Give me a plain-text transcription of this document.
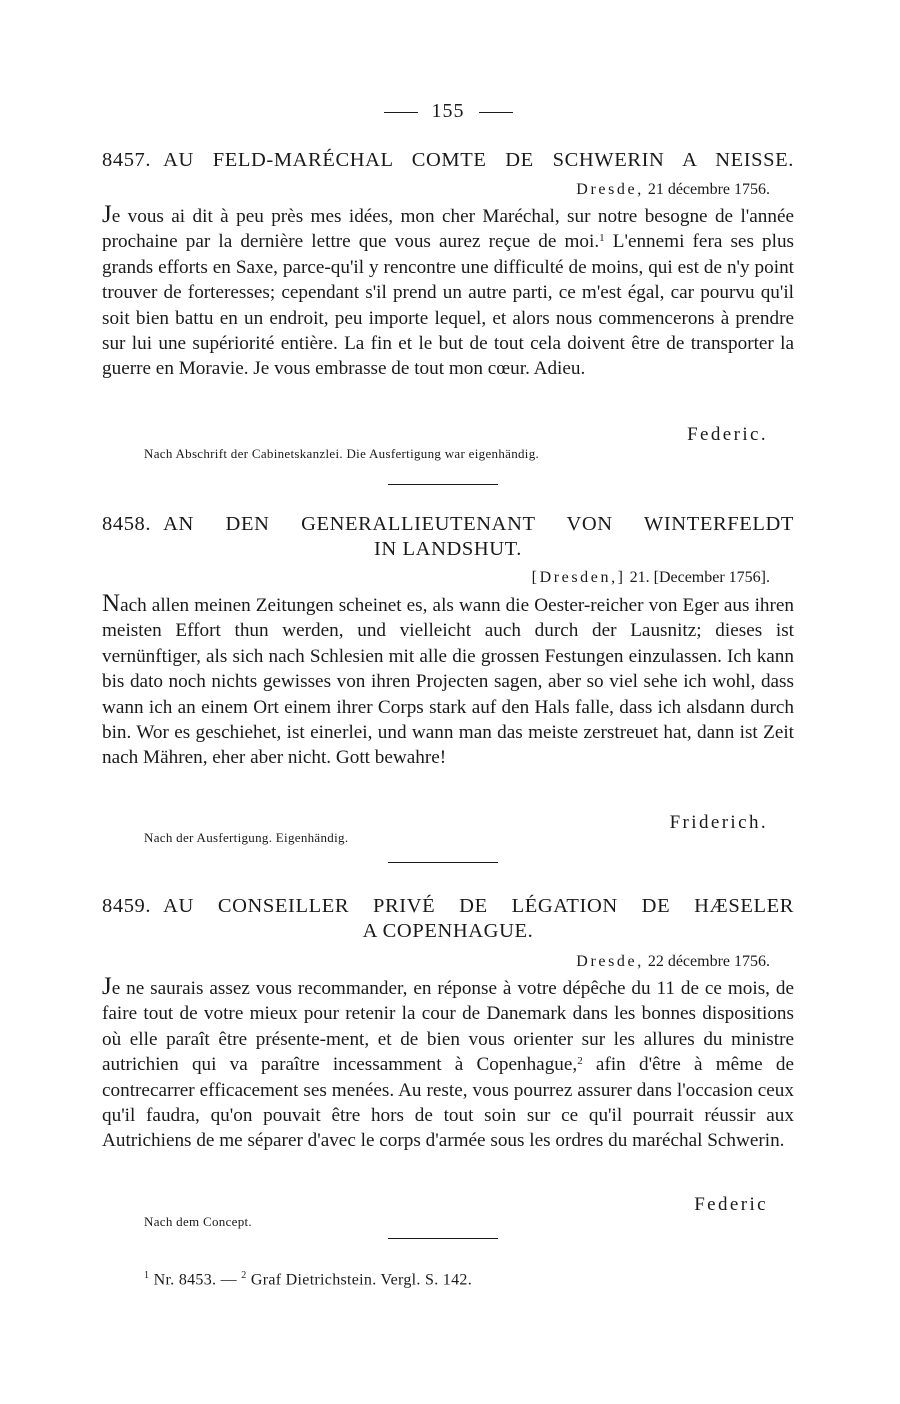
155
8457. AU FELD-MARÉCHAL COMTE DE SCHWERIN A NEISSE.
Dresde, 21 décembre 1756.

Je vous ai dit à peu près mes idées, mon cher Maréchal, sur notre besogne de l'année prochaine par la dernière lettre que vous aurez reçue de moi.$^1$ L'ennemi fera ses plus grands efforts en Saxe, parce-qu'il y rencontre une difficulté de moins, qui est de n'y point trouver de forteresses; cependant s'il prend un autre parti, ce m'est égal, car pourvu qu'il soit bien battu en un endroit, peu importe lequel, et alors nous commencerons à prendre sur lui une supériorité entière. La fin et le but de tout cela doivent être de transporter la guerre en Moravie. Je vous embrasse de tout mon cœur. Adieu.

Federic.
Nach Abschrift der Cabinetskanzlei. Die Ausfertigung war eigenhändig.
8458. AN DEN GENERALLIEUTENANT VON WINTERFELDT
IN LANDSHUT.
[Dresden,] 21. [December 1756].

Nach allen meinen Zeitungen scheinet es, als wann die Oester-reicher von Eger aus ihren meisten Effort thun werden, und vielleicht auch durch der Lausnitz; dieses ist vernünftiger, als sich nach Schlesien mit alle die grossen Festungen einzulassen. Ich kann bis dato noch nichts gewisses von ihren Projecten sagen, aber so viel sehe ich wohl, dass wann ich an einem Ort einem ihrer Corps stark auf den Hals falle, dass ich alsdann durch bin. Wor es geschiehet, ist einerlei, und wann man das meiste zerstreuet hat, dann ist Zeit nach Mähren, eher aber nicht. Gott bewahre!

Friderich.
Nach der Ausfertigung. Eigenhändig.
8459. AU CONSEILLER PRIVÉ DE LÉGATION DE HÆSELER
A COPENHAGUE.
Dresde, 22 décembre 1756.

Je ne saurais assez vous recommander, en réponse à votre dépêche du 11 de ce mois, de faire tout de votre mieux pour retenir la cour de Danemark dans les bonnes dispositions où elle paraît être présente-ment, et de bien vous orienter sur les allures du ministre autrichien qui va paraître incessamment à Copenhague,$^2$ afin d'être à même de contrecarrer efficacement ses menées. Au reste, vous pourrez assurer dans l'occasion ceux qu'il faudra, qu'on pouvait être hors de tout soin sur ce qu'il pourrait réussir aux Autrichiens de me séparer d'avec le corps d'armée sous les ordres du maréchal Schwerin.

Federic
Nach dem Concept.
$^1$ Nr. 8453. — $^2$ Graf Dietrichstein. Vergl. S. 142.
